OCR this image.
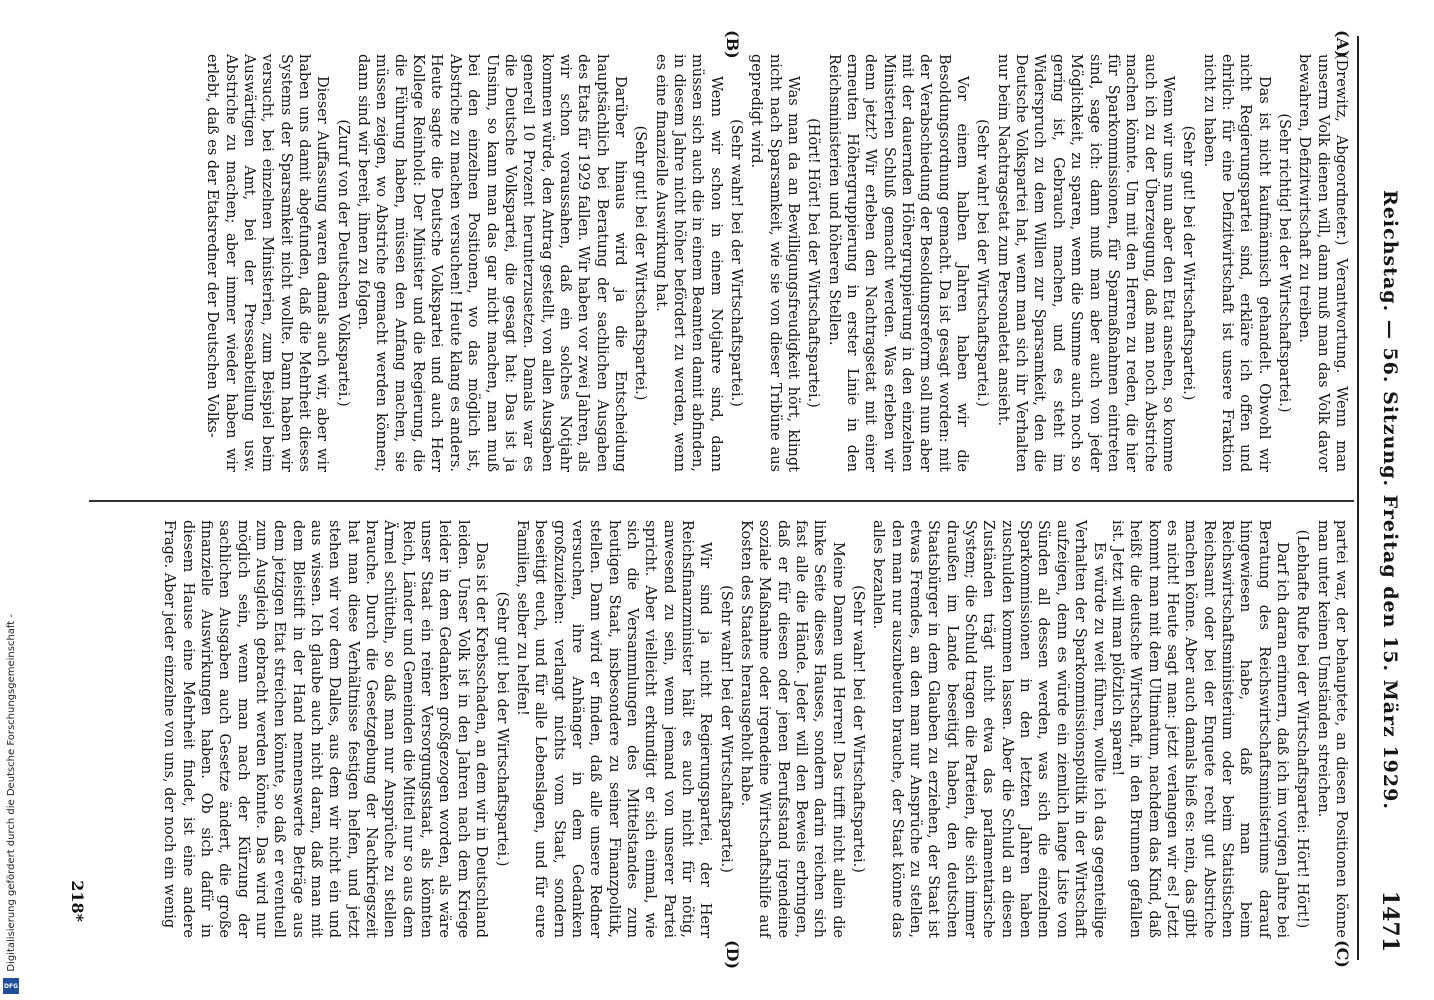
Digitalisierung gefördert durch die Deutsche Forschungsgemeinschaft -
DFG
Reichstag. — 56. Sitzung. Freitag den 15. März 1929.
1471

(Drewitz, Abgeordneter.) Verantwortung. Wenn man unserm Volk dienen will, dann muß man das Volk davor bewahren, Defizitwirtschaft zu treiben.

(Sehr richtig! bei der Wirtschaftspartei.)

Das ist nicht kaufmännisch gehandelt. Obwohl wir nicht Regierungspartei sind, erkläre ich offen und ehrlich: für eine Defizitwirtschaft ist unsere Fraktion nicht zu haben.

(Sehr gut! bei der Wirtschaftspartei.)

Wenn wir uns nun aber den Etat ansehen, so komme auch ich zu der Überzeugung, daß man noch Abstriche machen könnte. Um mit den Herren zu reden, die hier für Sparkommissionen, für Sparmaßnahmen eintreten sind, sage ich: dann muß man aber auch von jeder Möglichkeit, zu sparen, wenn die Summe auch noch so gering ist, Gebrauch machen, und es steht im Widerspruch zu dem Willen zur Sparsamkeit, den die Deutsche Volkspartei hat, wenn man sich ihr Verhalten nur beim Nachtragsetat zum Personaletat ansieht.

(Sehr wahr! bei der Wirtschaftspartei.)

Vor einem halben Jahren haben wir die Besoldungsordnung gemacht. Da ist gesagt worden: mit der Verabschiedung der Besoldungsreform soll nun aber mit der dauernden Höhergruppierung in den einzelnen Ministerien Schluß gemacht werden. Was erleben wir denn jetzt? Wir erleben den Nachtragsetat mit einer erneuten Höhergruppierung in erster Linie in den Reichsministerien und höheren Stellen.

(Hört! Hört! bei der Wirtschaftspartei.)

Was man da an Bewilligungsfreudigkeit hört, klingt nicht nach Sparsamkeit, wie sie von dieser Tribüne aus gepredigt wird.

(Sehr wahr! bei der Wirtschaftspartei.)

Wenn wir schon in einem Notjahre sind, dann müssen sich auch die in einem Beamten damit abfinden, in diesem Jahre nicht höher befördert zu werden, wenn es eine finanzielle Auswirkung hat.

(Sehr gut! bei der Wirtschaftspartei.)

Darüber hinaus wird ja die Entscheidung hauptsächlich bei Beratung der sachlichen Ausgaben des Etats für 1929 fallen. Wir haben vor zwei Jahren, als wir schon voraussahen, daß ein solches Notjahr kommen würde, den Antrag gestellt, von allen Ausgaben generell 10 Prozent herunterzusetzen. Damals war es die Deutsche Volkspartei, die gesagt hat: Das ist ja Unsinn, so kann man das gar nicht machen, man muß bei den einzelnen Positionen, wo das möglich ist, Abstriche zu machen versuchen! Heute klang es anders. Heute sagte die Deutsche Volkspartei und auch Herr Kollege Reinhold: Der Minister und die Regierung, die die Führung haben, müssen den Anfang machen, sie müssen zeigen, wo Abstriche gemacht werden können; dann sind wir bereit, ihnen zu folgen.

(Zuruf von der Deutschen Volkspartei.)

Dieser Auffassung waren damals auch wir, aber wir haben uns damit abgefunden, daß die Mehrheit dieses Systems der Sparsamkeit nicht wollte. Dann haben wir versucht, bei einzelnen Ministerien, zum Beispiel beim Auswärtigen Amt, bei der Presseabteilung usw. Abstriche zu machen; aber immer wieder haben wir erlebt, daß es der Etatsredner der Deutschen Volks-

partei war, der behauptete, an diesen Positionen könne man unter keinen Umständen streichen.

(Lebhafte Rufe bei der Wirtschaftspartei: Hört! Hört!)

Darf ich daran erinnern, daß ich im vorigen Jahre bei Beratung des Reichswirtschaftsministeriums darauf hingewiesen habe, daß man beim Reichswirtschaftsministerium oder beim Statistischen Reichsamt oder bei der Enquete recht gut Abstriche machen könne. Aber auch damals hieß es: nein, das gibt es nicht! Heute sagt man: jetzt verlangen wir es! Jetzt kommt man mit dem Ultimatum, nachdem das Kind, daß heißt die deutsche Wirtschaft, in den Brunnen gefallen ist. Jetzt will man plötzlich sparen!

Es würde zu weit führen, wollte ich das gegenteilige Verhalten der Sparkommissionspolitik in der Wirtschaft aufzeigen, denn es würde ein ziemlich lange Liste von Sünden all dessen werden, was sich die einzelnen Sparkommissionen in den letzten Jahren haben zuschulden kommen lassen. Aber die Schuld an diesen Zuständen trägt nicht etwa das parlamentarische System; die Schuld tragen die Parteien, die sich immer draußen im Lande beseitigt haben, den deutschen Staatsbürger in dem Glauben zu erziehen, der Staat ist etwas Fremdes, an den man nur Ansprüche zu stellen, den man nur auszubeuten brauche, der Staat könne das alles bezahlen.

(Sehr wahr! bei der Wirtschaftspartei.)

Meine Damen und Herren! Das trifft nicht allein die linke Seite dieses Hauses, sondern darin reichen sich fast alle die Hände. Jeder will den Beweis erbringen, daß er für diesen oder jenen Berufsstand irgendeine soziale Maßnahme oder irgendeine Wirtschaftshilfe auf Kosten des Staates herausgeholt habe.

(Sehr wahr! bei der Wirtschaftspartei.)

Wir sind ja nicht Regierungspartei, der Herr Reichsfinanzminister hält es auch nicht für nötig, anwesend zu sein, wenn jemand von unserer Partei spricht. Aber vielleicht erkundigt er sich einmal, wie sich die Versammlungen des Mittelstandes zum heutigen Staat, insbesondere zu seiner Finanzpolitik, stellen. Dann wird er finden, daß alle unsere Redner versuchen, ihre Anhänger in dem Gedanken großzuziehen: verlangt nichts vom Staat, sondern beseitigt euch, und für alle Lebenslagen, und für eure Familien, selber zu helfen!

(Sehr gut! bei der Wirtschaftspartei.)

Das ist der Krebsschaden, an dem wir in Deutschland leiden. Unser Volk ist in den Jahren nach dem Kriege leider in dem Gedanken großgezogen worden, als wäre unser Staat ein reiner Versorgungsstaat, als könnten Reich, Länder und Gemeinden die Mittel nur so aus dem Ärmel schütteln, so daß man nur Ansprüche zu stellen brauche. Durch die Gesetzgebung der Nachkriegszeit hat man diese Verhältnisse festigen helfen, und jetzt stehen wir vor dem Dalles, aus dem wir nicht ein und aus wissen. Ich glaube auch nicht daran, daß man mit dem Bleistift in der Hand nennenswerte Beträge aus dem jetzigen Etat streichen könnte, so daß er eventuell zum Ausgleich gebracht werden könnte. Das wird nur möglich sein, wenn man nach der Kürzung der sachlichen Ausgaben auch Gesetze ändert, die große finanzielle Auswirkungen haben. Ob sich dafür in diesem Hause eine Mehrheit findet, ist eine andere Frage. Aber jeder einzelne von uns, der noch ein wenig

(A)
(B)
(C)
(D)
218*
